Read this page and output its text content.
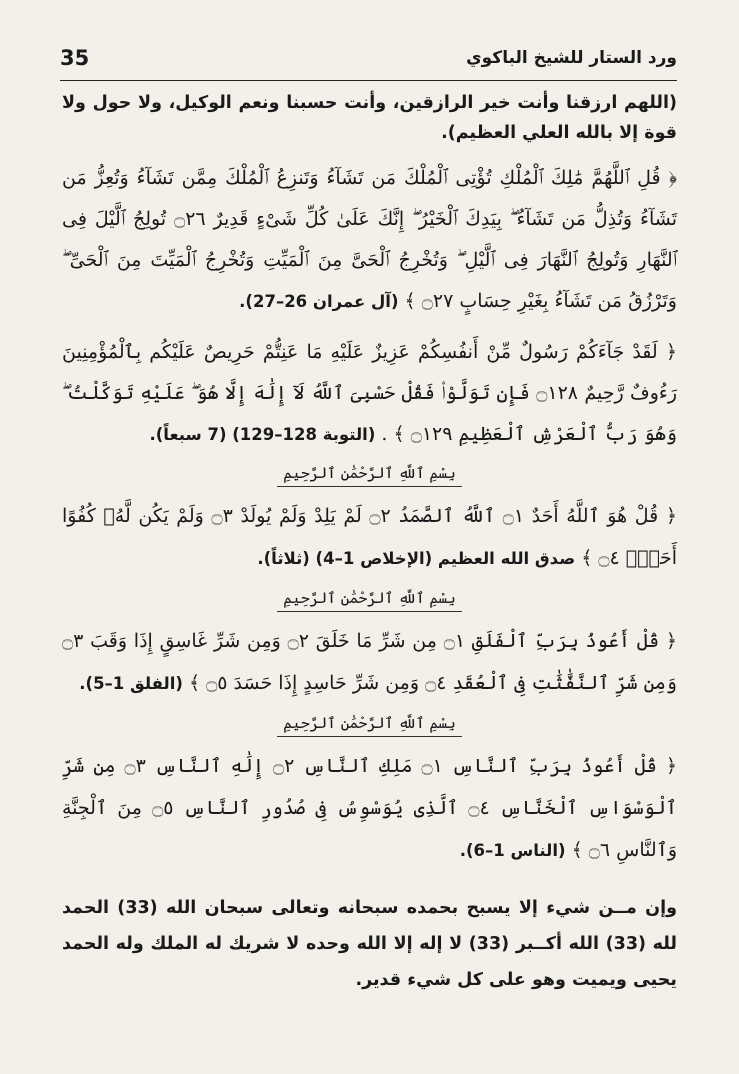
35	ورد الستار للشيخ الباكوي

(اللهم ارزقنا وأنت خير الرازقين، وأنت حسبنا ونعم الوكيل، ولا حول ولا قوة إلا بالله العلي العظيم).

﴿ قُلِ ٱللَّهُمَّ مَٰلِكَ ٱلْمُلْكِ تُؤْتِى ٱلْمُلْكَ مَن تَشَآءُ وَتَنزِعُ ٱلْمُلْكَ مِمَّن تَشَآءُ وَتُعِزُّ مَن تَشَآءُ وَتُذِلُّ مَن تَشَآءُ ۖ بِيَدِكَ ٱلْخَيْرُ ۖ إِنَّكَ عَلَىٰ كُلِّ شَىْءٍ قَدِيرٌ ۝٢٦ تُولِجُ ٱلَّيْلَ فِى ٱلنَّهَارِ وَتُولِجُ ٱلنَّهَارَ فِى ٱلَّيْلِ ۖ وَتُخْرِجُ ٱلْحَىَّ مِنَ ٱلْمَيِّتِ وَتُخْرِجُ ٱلْمَيِّتَ مِنَ ٱلْحَىِّ ۖ وَتَرْزُقُ مَن تَشَآءُ بِغَيْرِ حِسَابٍ ۝٢٧ ﴾ (آل عمران 26–27).

﴿ لَقَدْ جَآءَكُمْ رَسُولٌ مِّنْ أَنفُسِكُمْ عَزِيزٌ عَلَيْهِ مَا عَنِتُّمْ حَرِيصٌ عَلَيْكُم بِٱلْمُؤْمِنِينَ رَءُوفٌ رَّحِيمٌ ۝١٢٨ فَإِن تَوَلَّوْا۟ فَقُلْ حَسْبِىَ ٱللَّهُ لَآ إِلَٰهَ إِلَّا هُوَ ۖ عَلَيْهِ تَوَكَّلْتُ ۖ وَهُوَ رَبُّ ٱلْعَرْشِ ٱلْعَظِيمِ ۝١٢٩ ﴾ . (التوبة 128–129) (7 سبعاً).

بِسْمِ ٱللَّهِ ٱلرَّحْمَٰنِ ٱلرَّحِيمِ

﴿ قُلْ هُوَ ٱللَّهُ أَحَدٌ ۝١ ٱللَّهُ ٱلصَّمَدُ ۝٢ لَمْ يَلِدْ وَلَمْ يُولَدْ ۝٣ وَلَمْ يَكُن لَّهُۥ كُفُوًا أَحَدٌۢ ۝٤ ﴾ صدق الله العظيم (الإخلاص 1–4) (ثلاثاً).

بِسْمِ ٱللَّهِ ٱلرَّحْمَٰنِ ٱلرَّحِيمِ

﴿ قُلْ أَعُوذُ بِرَبِّ ٱلْفَلَقِ ۝١ مِن شَرِّ مَا خَلَقَ ۝٢ وَمِن شَرِّ غَاسِقٍ إِذَا وَقَبَ ۝٣ وَمِن شَرِّ ٱلنَّفَّٰثَٰتِ فِى ٱلْعُقَدِ ۝٤ وَمِن شَرِّ حَاسِدٍ إِذَا حَسَدَ ۝٥ ﴾ (الفلق 1–5).

بِسْمِ ٱللَّهِ ٱلرَّحْمَٰنِ ٱلرَّحِيمِ

﴿ قُلْ أَعُوذُ بِرَبِّ ٱلنَّاسِ ۝١ مَلِكِ ٱلنَّاسِ ۝٢ إِلَٰهِ ٱلنَّاسِ ۝٣ مِن شَرِّ ٱلْوَسْوَاسِ ٱلْخَنَّاسِ ۝٤ ٱلَّذِى يُوَسْوِسُ فِى صُدُورِ ٱلنَّاسِ ۝٥ مِنَ ٱلْجِنَّةِ وَٱلنَّاسِ ۝٦ ﴾ (الناس 1–6).

وإن مــن شيء إلا يسبح بحمده سبحانه وتعالى سبحان الله (33) الحمد لله (33) الله أكــبر (33) لا إله إلا الله وحده لا شريك له الملك وله الحمد يحيى ويميت وهو على كل شيء قدير.
